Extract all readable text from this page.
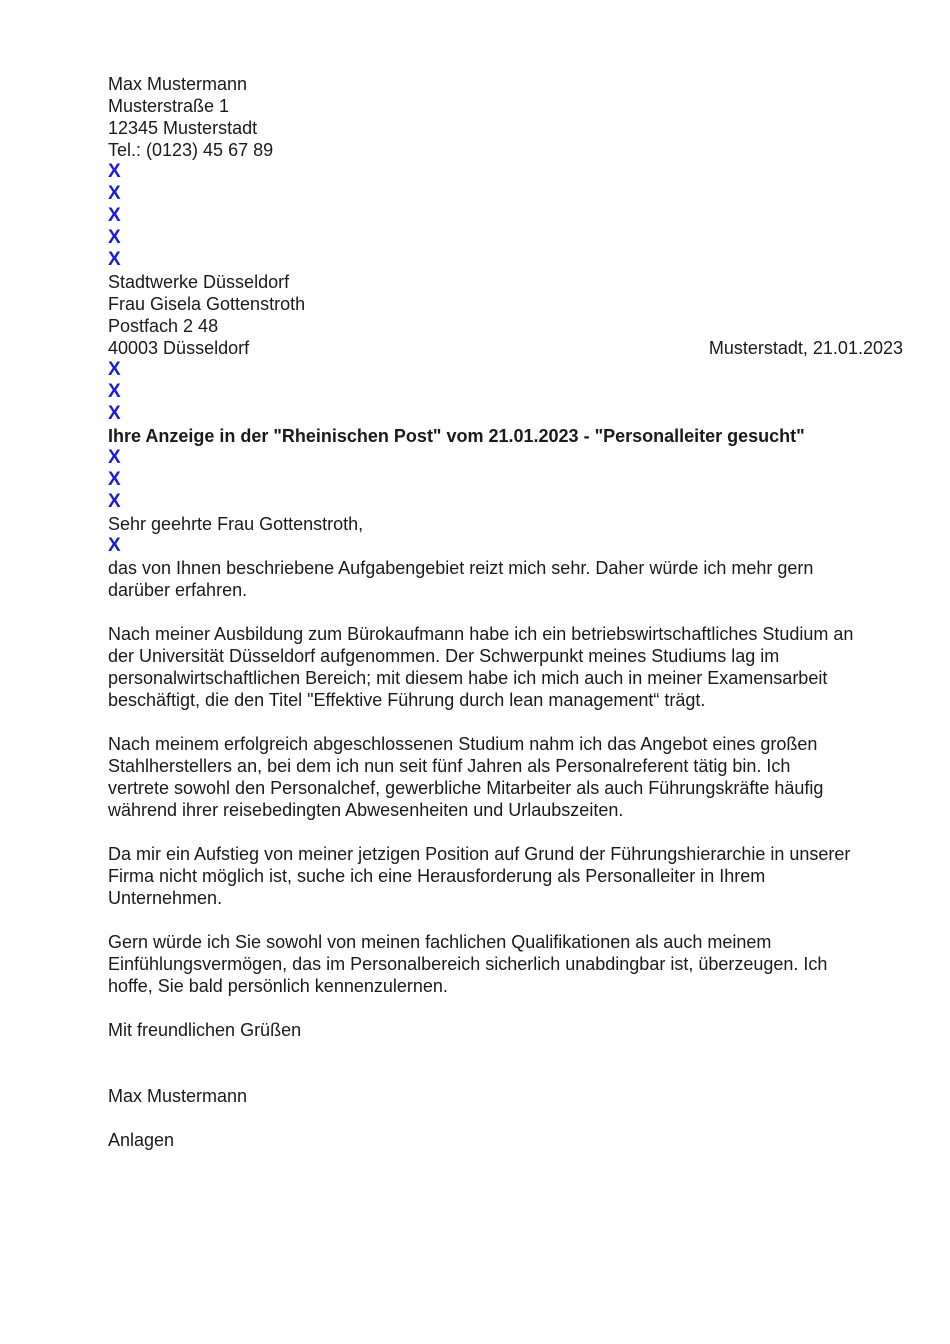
Max Mustermann
Musterstraße 1
12345 Musterstadt
Tel.: (0123) 45 67 89
X
X
X
X
X
Stadtwerke Düsseldorf
Frau Gisela Gottenstroth
Postfach 2 48
40003 Düsseldorf	Musterstadt, 21.01.2023
X
X
X
Ihre Anzeige in der "Rheinischen Post" vom 21.01.2023 - "Personalleiter gesucht"
X
X
X
Sehr geehrte Frau Gottenstroth,
X
das von Ihnen beschriebene Aufgabengebiet reizt mich sehr. Daher würde ich mehr gern
darüber erfahren.
Nach meiner Ausbildung zum Bürokaufmann habe ich ein betriebswirtschaftliches Studium an
der Universität Düsseldorf aufgenommen. Der Schwerpunkt meines Studiums lag im
personalwirtschaftlichen Bereich; mit diesem habe ich mich auch in meiner Examensarbeit
beschäftigt, die den Titel "Effektive Führung durch lean management“ trägt.
Nach meinem erfolgreich abgeschlossenen Studium nahm ich das Angebot eines großen
Stahlherstellers an, bei dem ich nun seit fünf Jahren als Personalreferent tätig bin. Ich
vertrete sowohl den Personalchef, gewerbliche Mitarbeiter als auch Führungskräfte häufig
während ihrer reisebedingten Abwesenheiten und Urlaubszeiten.
Da mir ein Aufstieg von meiner jetzigen Position auf Grund der Führungshierarchie in unserer
Firma nicht möglich ist, suche ich eine Herausforderung als Personalleiter in Ihrem
Unternehmen.
Gern würde ich Sie sowohl von meinen fachlichen Qualifikationen als auch meinem
Einfühlungsvermögen, das im Personalbereich sicherlich unabdingbar ist, überzeugen. Ich
hoffe, Sie bald persönlich kennenzulernen.
Mit freundlichen Grüßen
Max Mustermann
Anlagen
